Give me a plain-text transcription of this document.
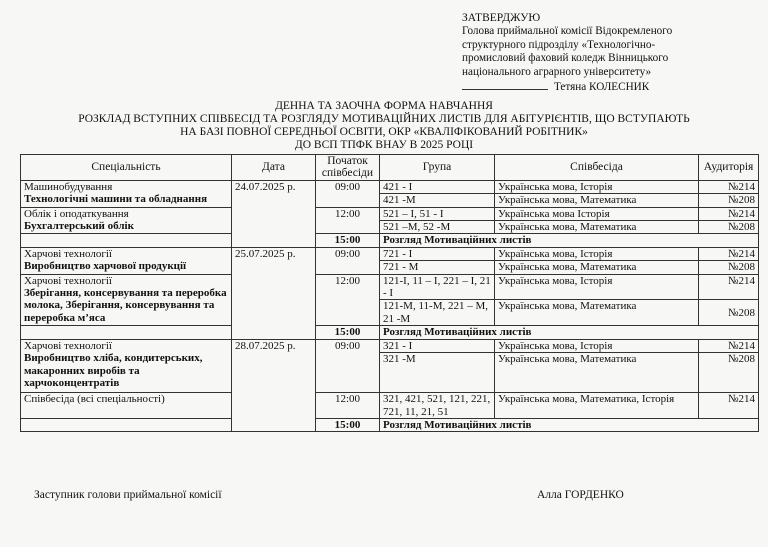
ЗАТВЕРДЖУЮ
Голова приймальної комісії Відокремленого
структурного підрозділу «Технологічно-
промисловий фаховий коледж Вінницького
національного аграрного університету»
Тетяна КОЛЕСНИК
ДЕННА ТА ЗАОЧНА ФОРМА НАВЧАННЯ
РОЗКЛАД ВСТУПНИХ СПІВБЕСІД ТА РОЗГЛЯДУ МОТИВАЦІЙНИХ ЛИСТІВ ДЛЯ АБІТУРІЄНТІВ, ЩО ВСТУПАЮТЬ
НА БАЗІ ПОВНОЇ СЕРЕДНЬОЇ ОСВІТИ, ОКР «КВАЛІФІКОВАНИЙ РОБІТНИК»
ДО ВСП ТПФК ВНАУ В 2025 РОЦІ
Спеціальність	Дата	Початок співбесіди	Група	Співбесіда	Аудиторія

Машинобудування
Технологічні машини та обладнання	24.07.2025 р.	09:00	421 - І	Українська мова, Історія	№214
			421 -М	Українська мова, Математика	№208

Облік і оподаткування
Бухгалтерський облік		12:00	521 – І, 51 - І	Українська мова Історія	№214
			521 –М, 52 -М	Українська мова, Математика	№208
		15:00	Розгляд Мотиваційних листів		

Харчові технології
Виробництво харчової продукції	25.07.2025 р.	09:00	721 - І	Українська мова, Історія	№214
			721 - М	Українська мова, Математика	№208

Харчові технології
Зберігання, консервування та переробка молока, Зберігання, консервування та переробка м’яса		12:00	121-І, 11 – І, 221 – І, 21 - І	Українська мова, Історія	№214
			121-М, 11-М, 221 – М, 21 -М	Українська мова, Математика	№208
		15:00	Розгляд Мотиваційних листів		

Харчові технології
Виробництво хліба, кондитерських, макаронних виробів та харчоконцентратів	28.07.2025 р.	09:00	321 - І	Українська мова, Історія	№214
			321 -М	Українська мова, Математика	№208
Співбесіда (всі спеціальності)		12:00	321, 421, 521, 121, 221, 721, 11, 21, 51	Українська мова, Математика, Історія	№214
		15:00	Розгляд Мотиваційних листів		
Заступник голови приймальної комісії	Алла ГОРДЕНКО
